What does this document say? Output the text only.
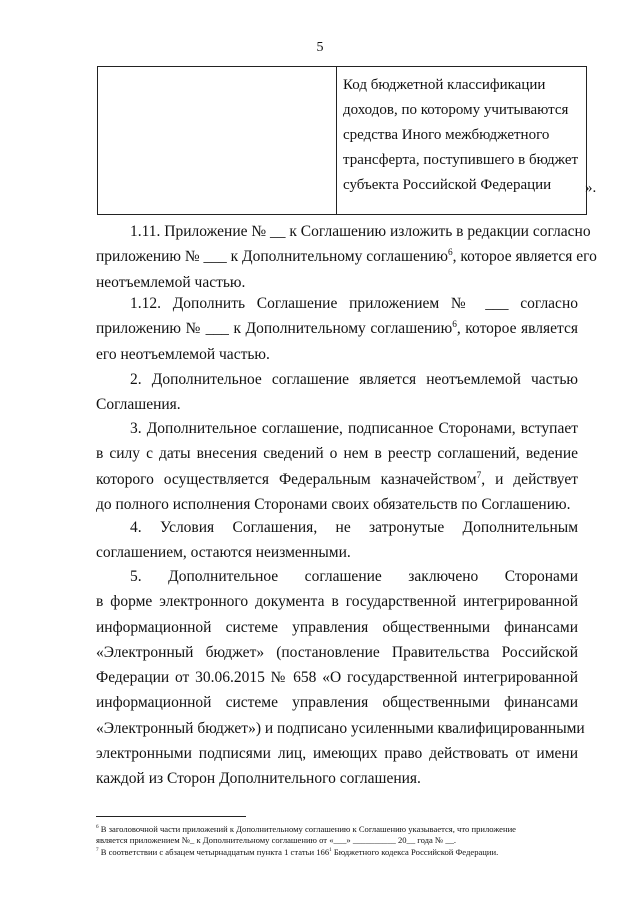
5
	Код бюджетной классификации
доходов, по которому учитываются
средства Иного межбюджетного
трансферта, поступившего в бюджет
субъекта Российской Федерации ».

1.11. Приложение № __ к Соглашению изложить в редакции согласно
приложению № ___ к Дополнительному соглашению$^6$, которое является его
неотъемлемой частью.

1.12. Дополнить Соглашение приложением № ___ согласно
приложению № ___ к Дополнительному соглашению$^6$, которое является
его неотъемлемой частью.

2. Дополнительное соглашение является неотъемлемой частью
Соглашения.

3. Дополнительное соглашение, подписанное Сторонами, вступает
в силу с даты внесения сведений о нем в реестр соглашений, ведение
которого осуществляется Федеральным казначейством$^7$, и действует
до полного исполнения Сторонами своих обязательств по Соглашению.

4. Условия Соглашения, не затронутые Дополнительным
соглашением, остаются неизменными.

5. Дополнительное соглашение заключено Сторонами
в форме электронного документа в государственной интегрированной
информационной системе управления общественными финансами
«Электронный бюджет» (постановление Правительства Российской
Федерации от 30.06.2015 № 658 «О государственной интегрированной
информационной системе управления общественными финансами
«Электронный бюджет») и подписано усиленными квалифицированными
электронными подписями лиц, имеющих право действовать от имени
каждой из Сторон Дополнительного соглашения.

$^6$ В заголовочной части приложений к Дополнительному соглашению к Соглашению указывается, что приложение
является приложением №_ к Дополнительному соглашению от «___» __________ 20__ года № __.

$^7$ В соответствии с абзацем четырнадцатым пункта 1 статьи $166^1$ Бюджетного кодекса Российской Федерации.
